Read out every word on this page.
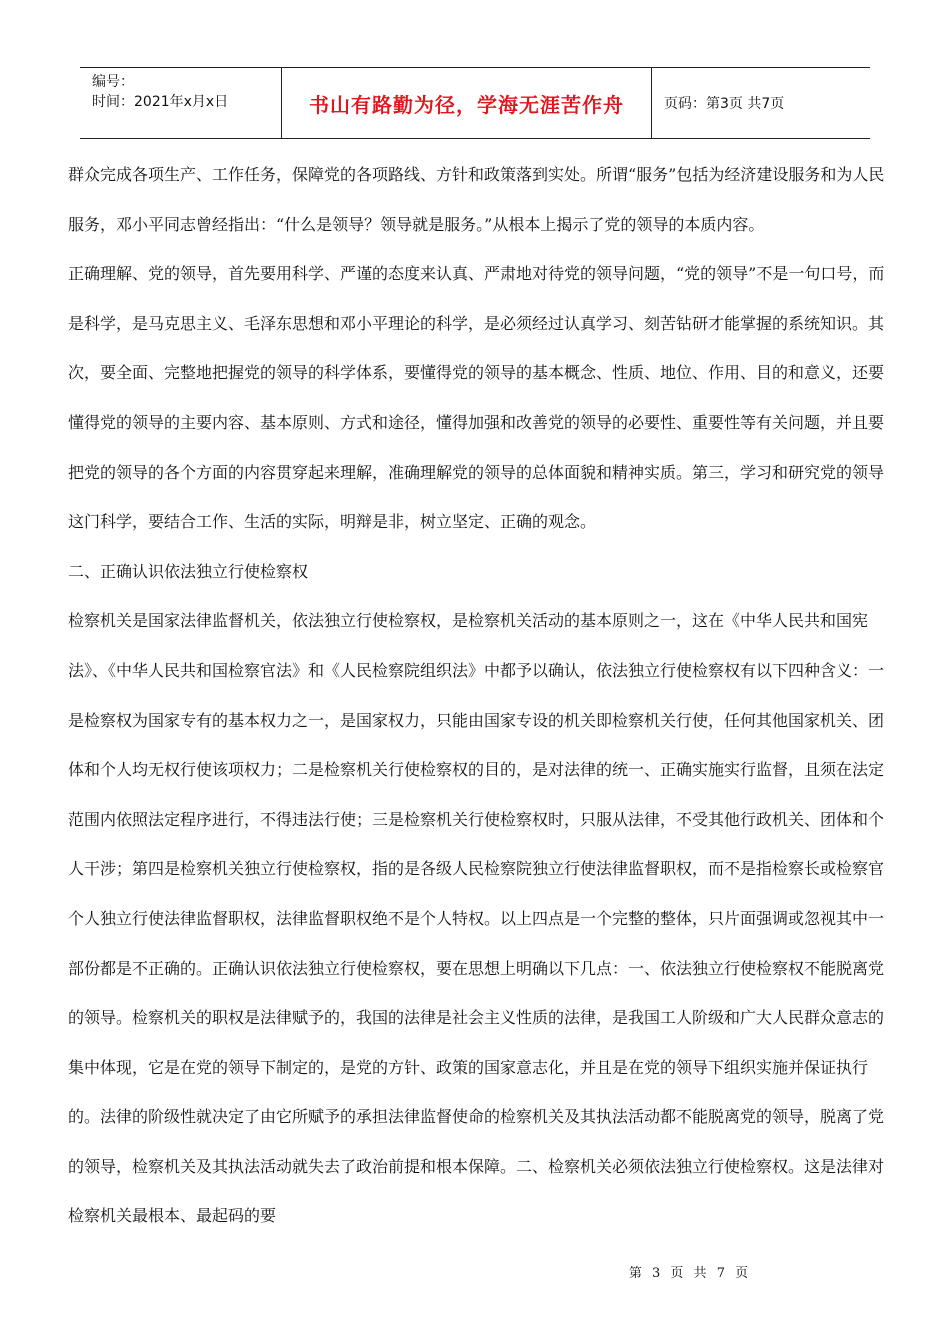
编号：
时间：2021年x月x日	书山有路勤为径，学海无涯苦作舟	页码：第3页 共7页

群众完成各项生产、工作任务，保障党的各项路线、方针和政策落到实处。所谓“服务”包括为经济建设服务和为人民服务，邓小平同志曾经指出：“什么是领导？领导就是服务。”从根本上揭示了党的领导的本质内容。

正确理解、党的领导，首先要用科学、严谨的态度来认真、严肃地对待党的领导问题，“党的领导”不是一句口号，而是科学，是马克思主义、毛泽东思想和邓小平理论的科学，是必须经过认真学习、刻苦钻研才能掌握的系统知识。其次，要全面、完整地把握党的领导的科学体系，要懂得党的领导的基本概念、性质、地位、作用、目的和意义，还要懂得党的领导的主要内容、基本原则、方式和途径，懂得加强和改善党的领导的必要性、重要性等有关问题，并且要把党的领导的各个方面的内容贯穿起来理解，准确理解党的领导的总体面貌和精神实质。第三，学习和研究党的领导这门科学，要结合工作、生活的实际，明辩是非，树立坚定、正确的观念。

二、正确认识依法独立行使检察权

检察机关是国家法律监督机关，依法独立行使检察权，是检察机关活动的基本原则之一，这在《中华人民共和国宪法》、《中华人民共和国检察官法》和《人民检察院组织法》中都予以确认，依法独立行使检察权有以下四种含义：一是检察权为国家专有的基本权力之一，是国家权力，只能由国家专设的机关即检察机关行使，任何其他国家机关、团体和个人均无权行使该项权力；二是检察机关行使检察权的目的，是对法律的统一、正确实施实行监督，且须在法定范围内依照法定程序进行，不得违法行使；三是检察机关行使检察权时，只服从法律，不受其他行政机关、团体和个人干涉；第四是检察机关独立行使检察权，指的是各级人民检察院独立行使法律监督职权，而不是指检察长或检察官个人独立行使法律监督职权，法律监督职权绝不是个人特权。以上四点是一个完整的整体，只片面强调或忽视其中一部份都是不正确的。正确认识依法独立行使检察权，要在思想上明确以下几点：一、依法独立行使检察权不能脱离党的领导。检察机关的职权是法律赋予的，我国的法律是社会主义性质的法律，是我国工人阶级和广大人民群众意志的集中体现，它是在党的领导下制定的，是党的方针、政策的国家意志化，并且是在党的领导下组织实施并保证执行的。法律的阶级性就决定了由它所赋予的承担法律监督使命的检察机关及其执法活动都不能脱离党的领导，脱离了党的领导，检察机关及其执法活动就失去了政治前提和根本保障。二、检察机关必须依法独立行使检察权。这是法律对检察机关最根本、最起码的要

第 3 页 共 7 页
